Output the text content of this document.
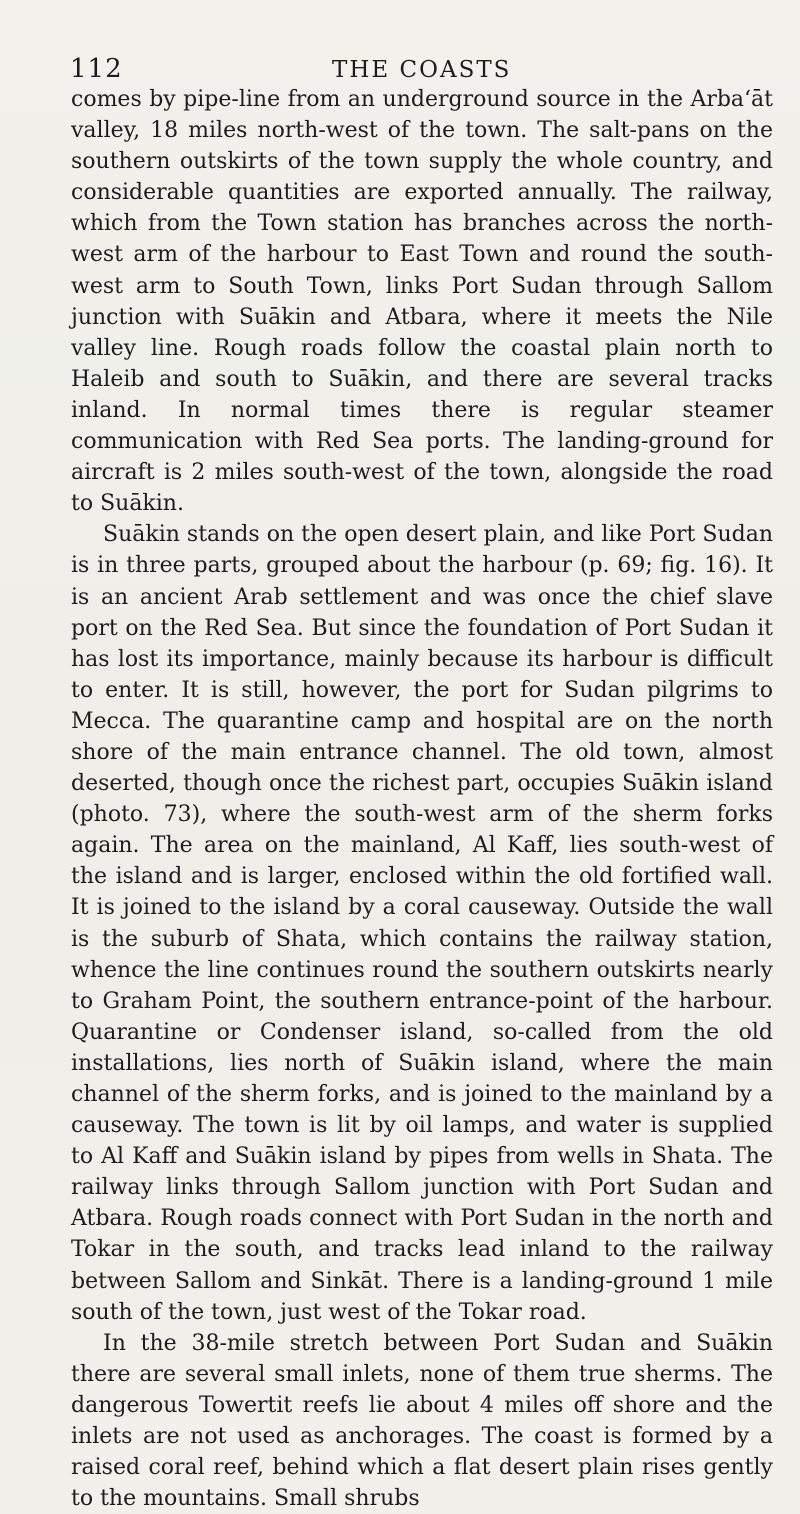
112	THE COASTS

comes by pipe-line from an underground source in the Arba‘āt valley, 18 miles north-west of the town. The salt-pans on the southern outskirts of the town supply the whole country, and considerable quantities are exported annually. The railway, which from the Town station has branches across the north-west arm of the harbour to East Town and round the south-west arm to South Town, links Port Sudan through Sallom junction with Suākin and Atbara, where it meets the Nile valley line. Rough roads follow the coastal plain north to Haleib and south to Suākin, and there are several tracks inland. In normal times there is regular steamer communication with Red Sea ports. The landing-ground for aircraft is 2 miles south-west of the town, alongside the road to Suākin.

Suākin stands on the open desert plain, and like Port Sudan is in three parts, grouped about the harbour (p. 69; fig. 16). It is an ancient Arab settlement and was once the chief slave port on the Red Sea. But since the foundation of Port Sudan it has lost its importance, mainly because its harbour is difficult to enter. It is still, however, the port for Sudan pilgrims to Mecca. The quarantine camp and hospital are on the north shore of the main entrance channel. The old town, almost deserted, though once the richest part, occupies Suākin island (photo. 73), where the south-west arm of the sherm forks again. The area on the mainland, Al Kaff, lies south-west of the island and is larger, enclosed within the old fortified wall. It is joined to the island by a coral causeway. Outside the wall is the suburb of Shata, which contains the railway station, whence the line continues round the southern outskirts nearly to Graham Point, the southern entrance-point of the harbour. Quarantine or Condenser island, so-called from the old installations, lies north of Suākin island, where the main channel of the sherm forks, and is joined to the mainland by a causeway. The town is lit by oil lamps, and water is supplied to Al Kaff and Suākin island by pipes from wells in Shata. The railway links through Sallom junction with Port Sudan and Atbara. Rough roads connect with Port Sudan in the north and Tokar in the south, and tracks lead inland to the railway between Sallom and Sinkāt. There is a landing-ground 1 mile south of the town, just west of the Tokar road.

In the 38-mile stretch between Port Sudan and Suākin there are several small inlets, none of them true sherms. The dangerous Towertit reefs lie about 4 miles off shore and the inlets are not used as anchorages. The coast is formed by a raised coral reef, behind which a flat desert plain rises gently to the mountains. Small shrubs
